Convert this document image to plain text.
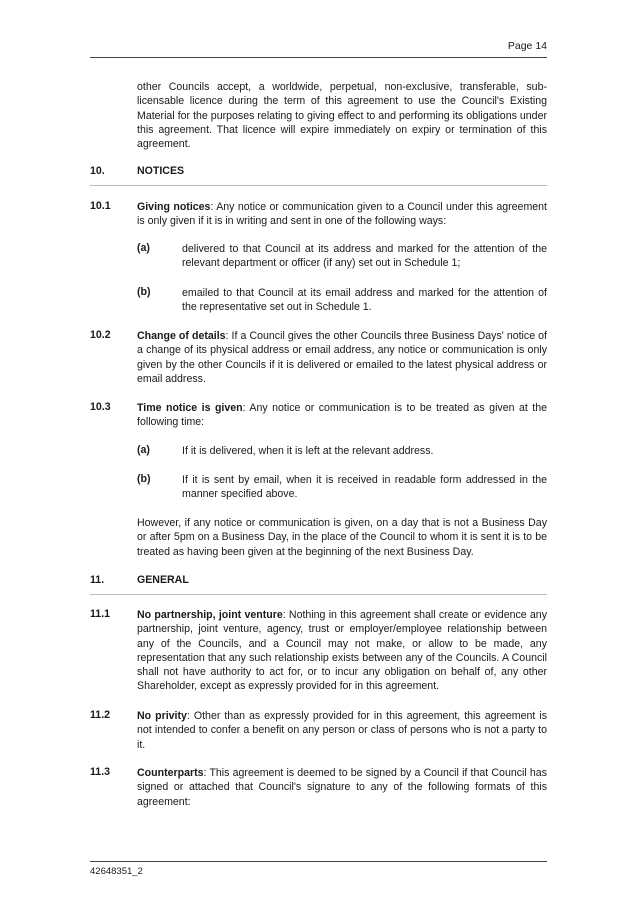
Page 14
other Councils accept, a worldwide, perpetual, non-exclusive, transferable, sub-licensable licence during the term of this agreement to use the Council's Existing Material for the purposes relating to giving effect to and performing its obligations under this agreement. That licence will expire immediately on expiry or termination of this agreement.
10.	NOTICES
10.1 Giving notices: Any notice or communication given to a Council under this agreement is only given if it is in writing and sent in one of the following ways:
(a)	delivered to that Council at its address and marked for the attention of the relevant department or officer (if any) set out in Schedule 1;
(b)	emailed to that Council at its email address and marked for the attention of the representative set out in Schedule 1.
10.2 Change of details: If a Council gives the other Councils three Business Days' notice of a change of its physical address or email address, any notice or communication is only given by the other Councils if it is delivered or emailed to the latest physical address or email address.
10.3 Time notice is given: Any notice or communication is to be treated as given at the following time:
(a)	If it is delivered, when it is left at the relevant address.
(b)	If it is sent by email, when it is received in readable form addressed in the manner specified above.
However, if any notice or communication is given, on a day that is not a Business Day or after 5pm on a Business Day, in the place of the Council to whom it is sent it is to be treated as having been given at the beginning of the next Business Day.
11.	GENERAL
11.1	No partnership, joint venture: Nothing in this agreement shall create or evidence any partnership, joint venture, agency, trust or employer/employee relationship between any of the Councils, and a Council may not make, or allow to be made, any representation that any such relationship exists between any of the Councils. A Council shall not have authority to act for, or to incur any obligation on behalf of, any other Shareholder, except as expressly provided for in this agreement.
11.2	No privity: Other than as expressly provided for in this agreement, this agreement is not intended to confer a benefit on any person or class of persons who is not a party to it.
11.3	Counterparts: This agreement is deemed to be signed by a Council if that Council has signed or attached that Council's signature to any of the following formats of this agreement:
42648351_2
